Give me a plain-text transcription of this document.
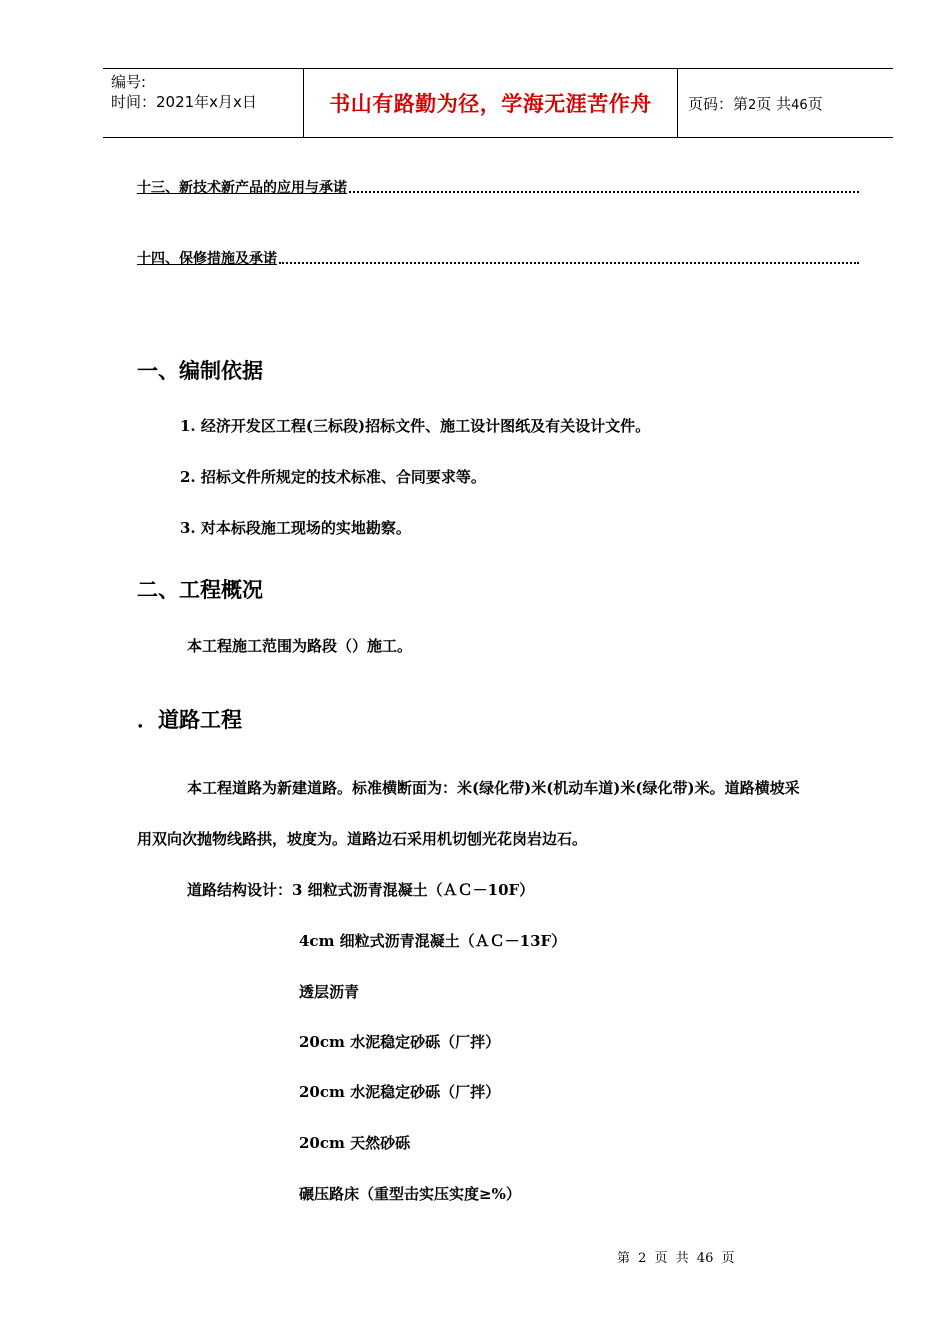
编号:
时间：2021年x月x日	书山有路勤为径，学海无涯苦作舟 页码：第2页 共46页
十三、新技术新产品的应用与承诺
十四、保修措施及承诺
一、编制依据
1. 经济开发区工程(三标段)招标文件、施工设计图纸及有关设计文件。
2. 招标文件所规定的技术标准、合同要求等。
3. 对本标段施工现场的实地勘察。
二、工程概况
本工程施工范围为路段（）施工。
．道路工程
本工程道路为新建道路。标准横断面为：米(绿化带)米(机动车道)米(绿化带)米。道路横坡采
用双向次抛物线路拱，坡度为。道路边石采用机切刨光花岗岩边石。
道路结构设计：3 细粒式沥青混凝土（ＡＣ－10F）
4cm 细粒式沥青混凝土（ＡＣ－13F）
透层沥青
20cm 水泥稳定砂砾（厂拌）
20cm 水泥稳定砂砾（厂拌）
20cm 天然砂砾
碾压路床（重型击实压实度≥%）
第 2 页 共 46 页
